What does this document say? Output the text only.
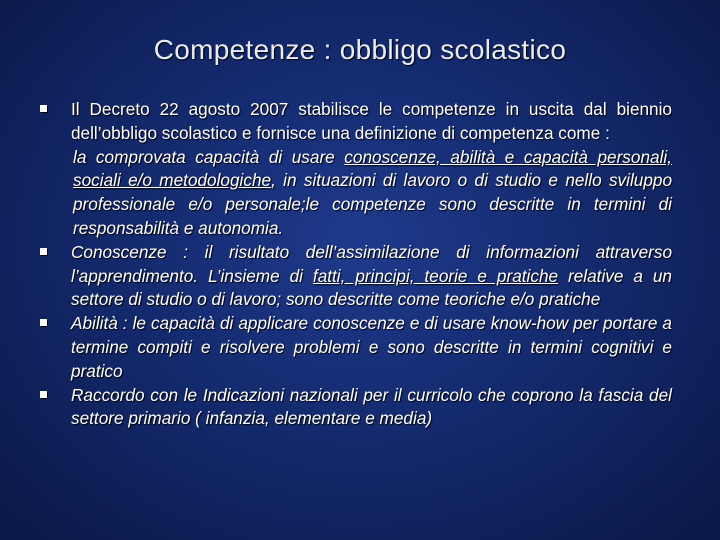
Competenze : obbligo scolastico
Il Decreto 22 agosto 2007 stabilisce le competenze in uscita dal biennio dell’obbligo scolastico e fornisce una definizione di competenza come :
la comprovata capacità di usare conoscenze, abilità e capacità personali, sociali e/o metodologiche, in situazioni di lavoro o di studio e nello sviluppo professionale e/o personale;le competenze sono descritte in termini di responsabilità e autonomia.
Conoscenze : il risultato dell’assimilazione di informazioni attraverso l’apprendimento. L’insieme di fatti, principi, teorie e pratiche relative a un settore di studio o di lavoro; sono descritte come teoriche e/o pratiche
Abilità : le capacità di applicare conoscenze e di usare know-how per portare a termine compiti e risolvere problemi e sono descritte in termini cognitivi e pratico
Raccordo con le Indicazioni nazionali per il curricolo che coprono la fascia del settore primario ( infanzia, elementare e media)
